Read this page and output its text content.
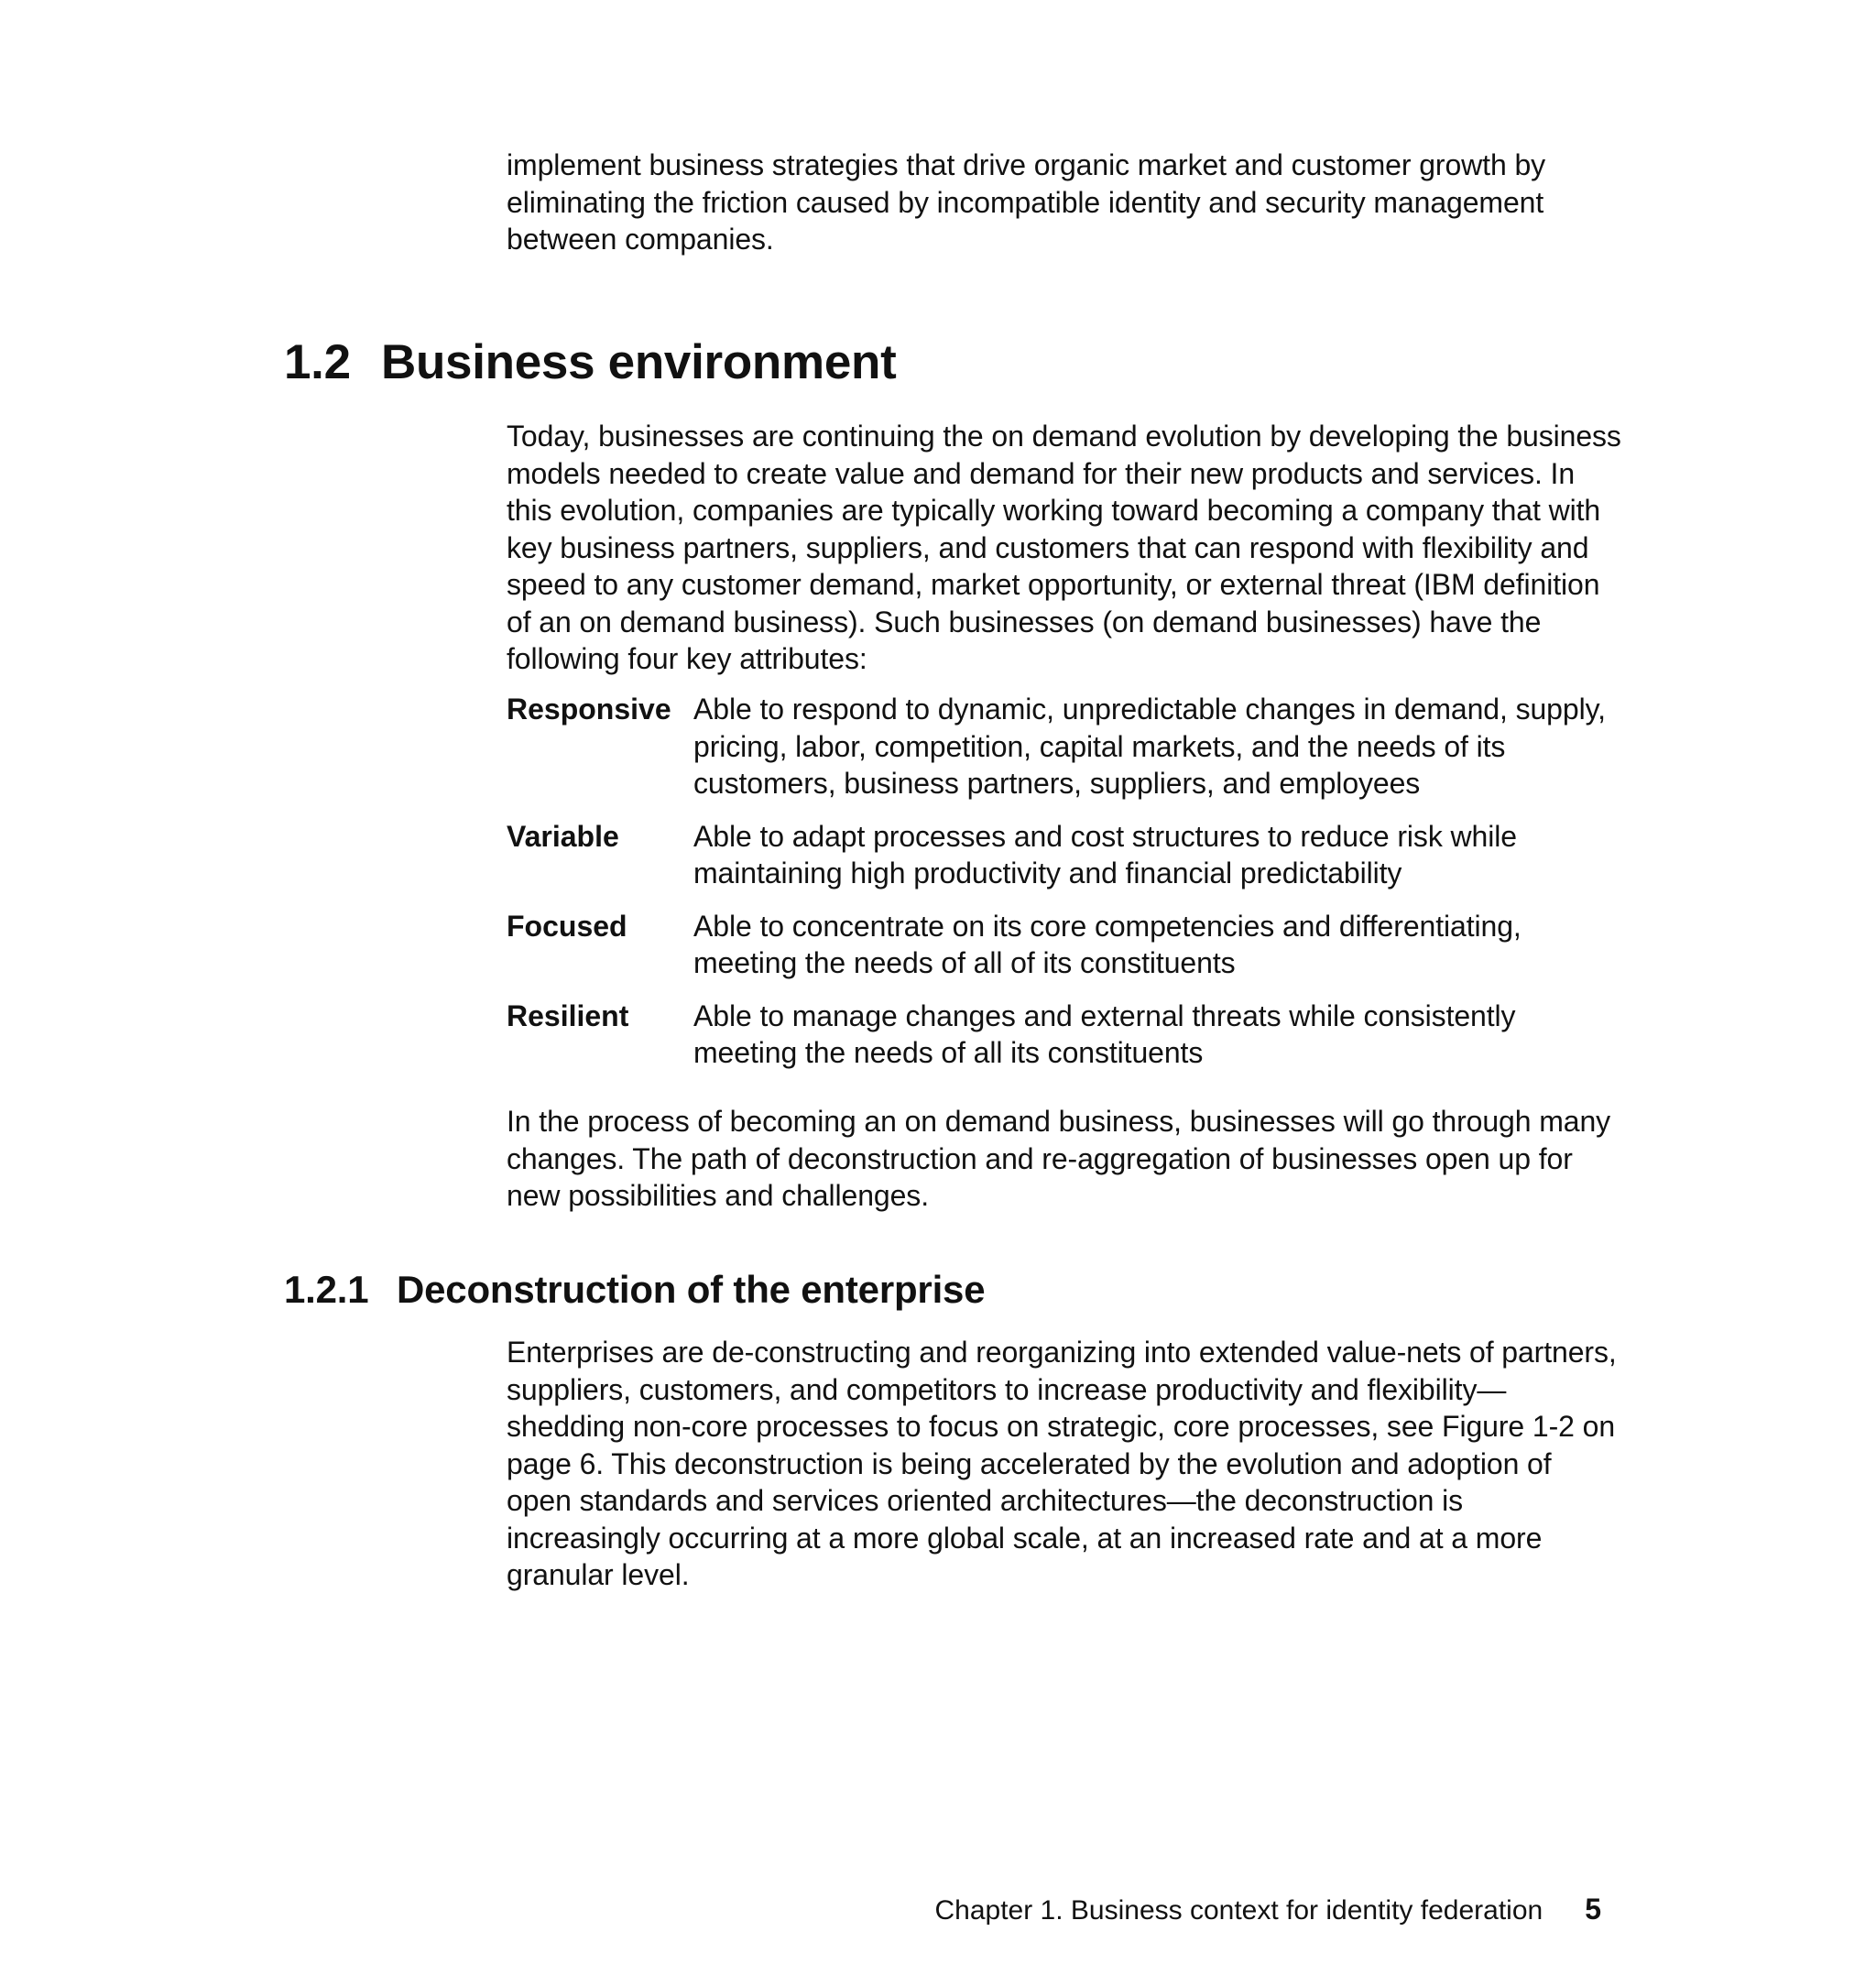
implement business strategies that drive organic market and customer growth by eliminating the friction caused by incompatible identity and security management between companies.

1.2 Business environment

Today, businesses are continuing the on demand evolution by developing the business models needed to create value and demand for their new products and services. In this evolution, companies are typically working toward becoming a company that with key business partners, suppliers, and customers that can respond with flexibility and speed to any customer demand, market opportunity, or external threat (IBM definition of an on demand business). Such businesses (on demand businesses) have the following four key attributes:

Responsive Able to respond to dynamic, unpredictable changes in demand, supply, pricing, labor, competition, capital markets, and the needs of its customers, business partners, suppliers, and employees
Variable	Able to adapt processes and cost structures to reduce risk while maintaining high productivity and financial predictability
Focused	Able to concentrate on its core competencies and differentiating, meeting the needs of all of its constituents
Resilient	Able to manage changes and external threats while consistently meeting the needs of all its constituents

In the process of becoming an on demand business, businesses will go through many changes. The path of deconstruction and re-aggregation of businesses open up for new possibilities and challenges.

1.2.1 Deconstruction of the enterprise

Enterprises are de-constructing and reorganizing into extended value-nets of partners, suppliers, customers, and competitors to increase productivity and flexibility—shedding non-core processes to focus on strategic, core processes, see Figure 1-2 on page 6. This deconstruction is being accelerated by the evolution and adoption of open standards and services oriented architectures—the deconstruction is increasingly occurring at a more global scale, at an increased rate and at a more granular level.

Chapter 1. Business context for identity federation 5
